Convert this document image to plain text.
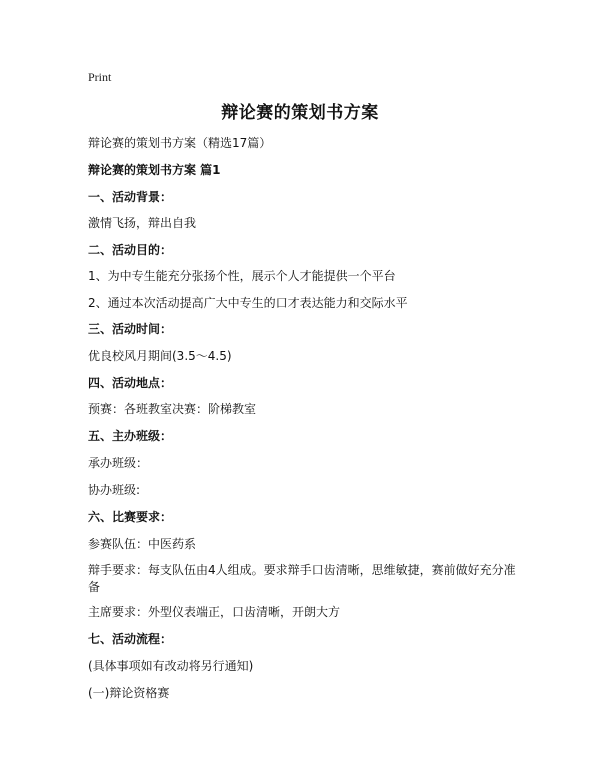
Print
辩论赛的策划书方案
辩论赛的策划书方案（精选17篇）
辩论赛的策划书方案 篇1
一、活动背景：
激情飞扬，辩出自我
二、活动目的：
1、为中专生能充分张扬个性，展示个人才能提供一个平台
2、通过本次活动提高广大中专生的口才表达能力和交际水平
三、活动时间：
优良校风月期间(3.5～4.5)
四、活动地点：
预赛：各班教室决赛：阶梯教室
五、主办班级：
承办班级：
协办班级:
六、比赛要求：
参赛队伍：中医药系
辩手要求：每支队伍由4人组成。要求辩手口齿清晰，思维敏捷，赛前做好充分准备
主席要求：外型仪表端正，口齿清晰，开朗大方
七、活动流程：
(具体事项如有改动将另行通知)
(一)辩论资格赛
